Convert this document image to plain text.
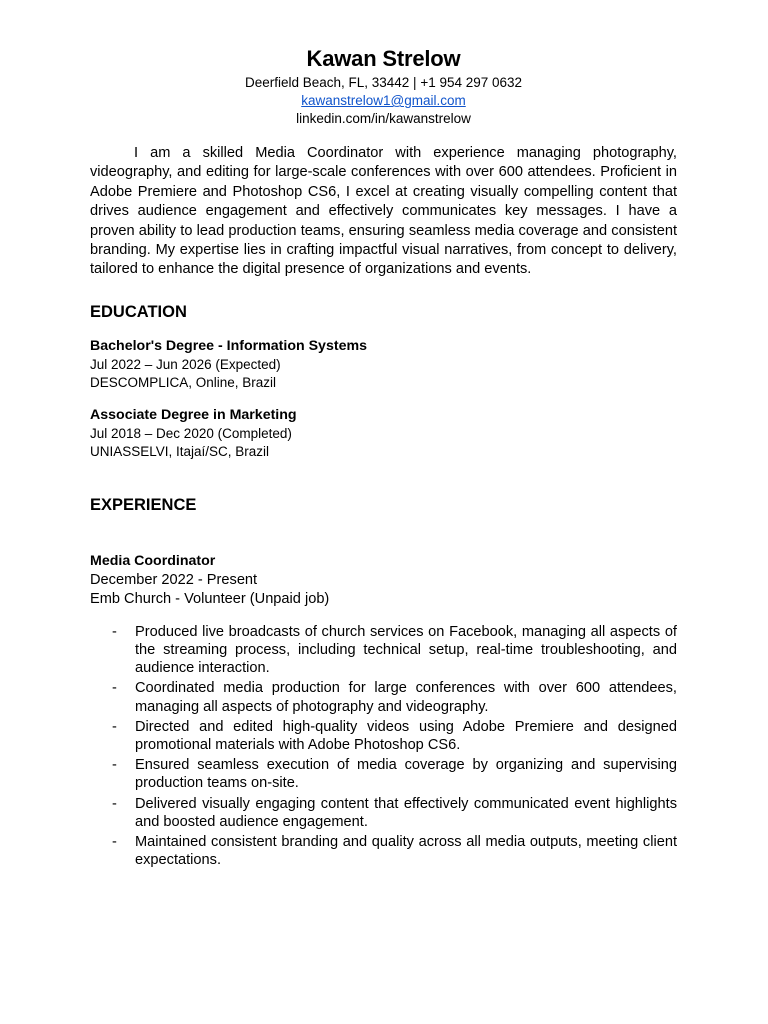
Kawan Strelow

Deerfield Beach, FL, 33442 | +1 954 297 0632

kawanstrelow1@gmail.com

linkedin.com/in/kawanstrelow

I am a skilled Media Coordinator with experience managing photography, videography, and editing for large-scale conferences with over 600 attendees. Proficient in Adobe Premiere and Photoshop CS6, I excel at creating visually compelling content that drives audience engagement and effectively communicates key messages. I have a proven ability to lead production teams, ensuring seamless media coverage and consistent branding. My expertise lies in crafting impactful visual narratives, from concept to delivery, tailored to enhance the digital presence of organizations and events.

EDUCATION

Bachelor's Degree - Information Systems

Jul 2022 – Jun 2026 (Expected)

DESCOMPLICA, Online, Brazil

Associate Degree in Marketing

Jul 2018 – Dec 2020 (Completed)

UNIASSELVI, Itajaí/SC, Brazil

EXPERIENCE

Media Coordinator

December 2022 - Present

Emb Church - Volunteer (Unpaid job)

- Produced live broadcasts of church services on Facebook, managing all aspects of the streaming process, including technical setup, real-time troubleshooting, and audience interaction.
- Coordinated media production for large conferences with over 600 attendees, managing all aspects of photography and videography.
- Directed and edited high-quality videos using Adobe Premiere and designed promotional materials with Adobe Photoshop CS6.
- Ensured seamless execution of media coverage by organizing and supervising production teams on-site.
- Delivered visually engaging content that effectively communicated event highlights and boosted audience engagement.
- Maintained consistent branding and quality across all media outputs, meeting client expectations.
